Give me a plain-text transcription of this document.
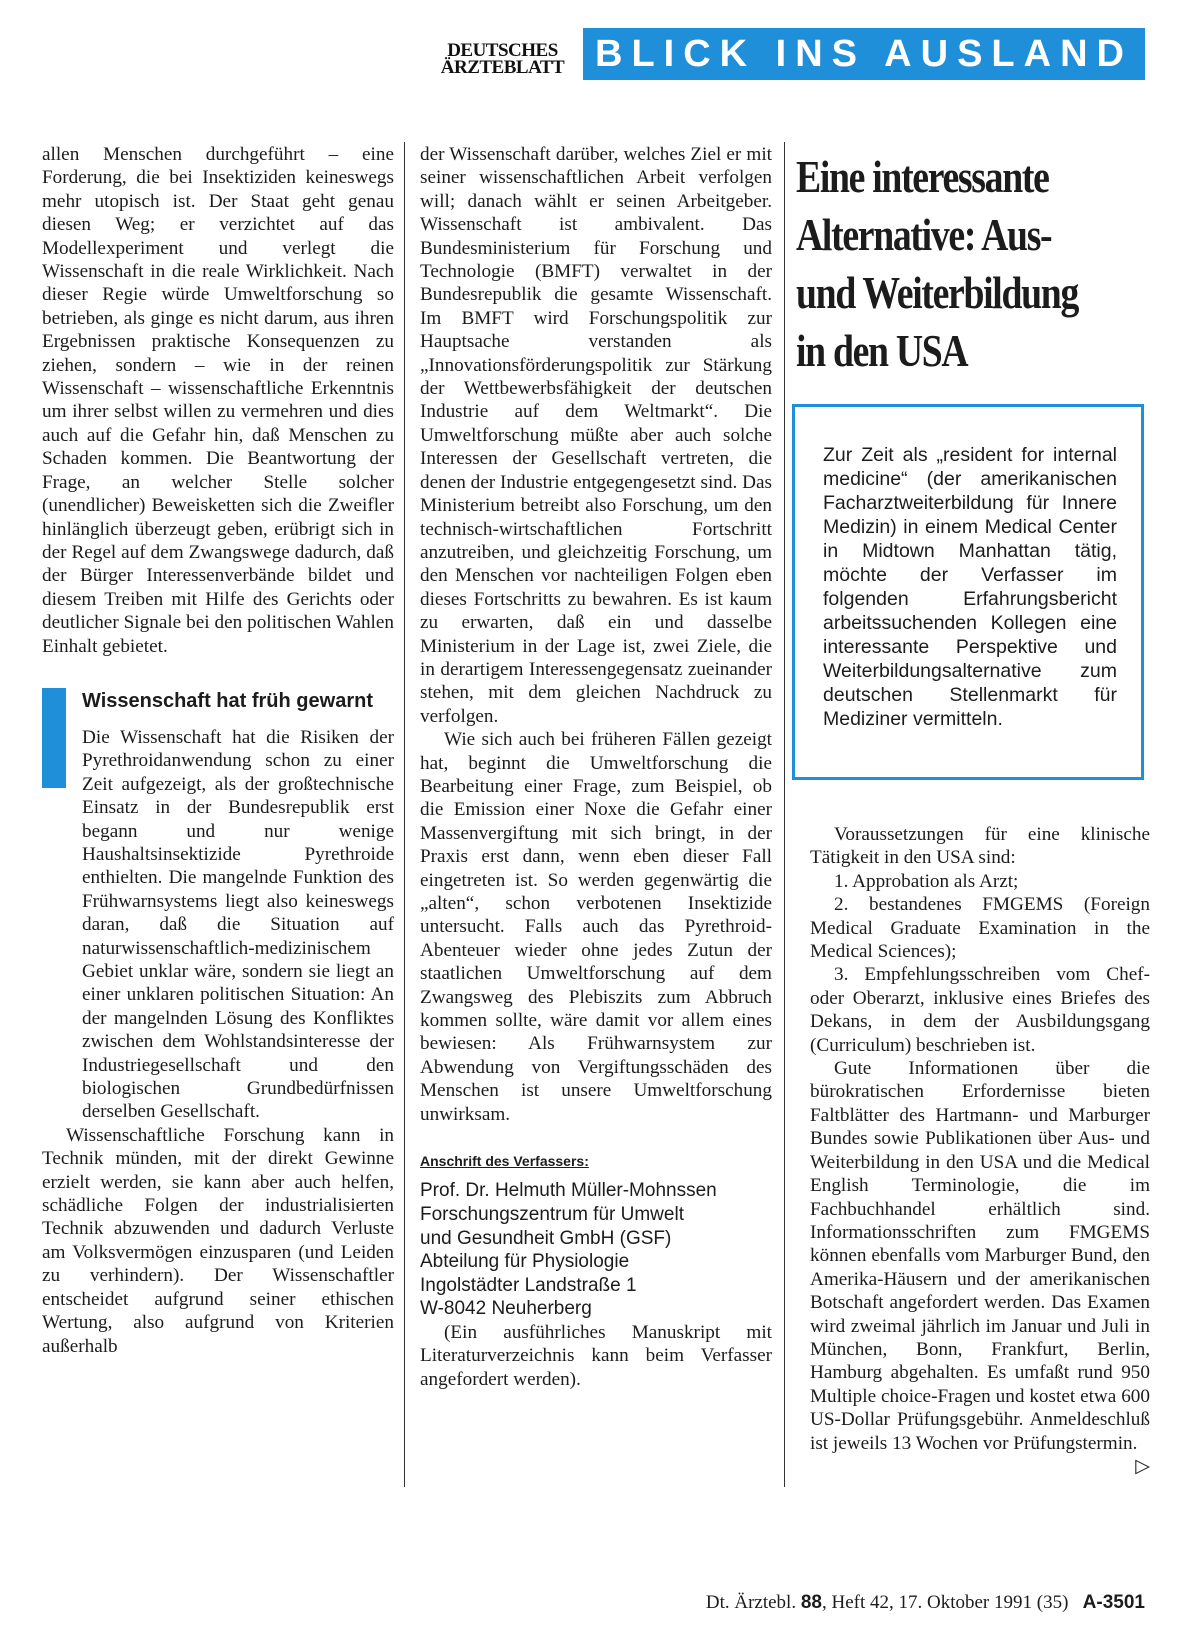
DEUTSCHES
ÄRZTEBLATT BLICK INS AUSLAND

allen Menschen durchgeführt – eine Forderung, die bei Insektiziden keineswegs mehr utopisch ist. Der Staat geht genau diesen Weg; er verzichtet auf das Modellexperiment und verlegt die Wissenschaft in die reale Wirklichkeit. Nach dieser Regie würde Umweltforschung so betrieben, als ginge es nicht darum, aus ihren Ergebnissen praktische Konsequenzen zu ziehen, sondern – wie in der reinen Wissenschaft – wissenschaftliche Erkenntnis um ihrer selbst willen zu vermehren und dies auch auf die Gefahr hin, daß Menschen zu Schaden kommen. Die Beantwortung der Frage, an welcher Stelle solcher (unendlicher) Beweisketten sich die Zweifler hinlänglich überzeugt geben, erübrigt sich in der Regel auf dem Zwangswege dadurch, daß der Bürger Interessenverbände bildet und diesem Treiben mit Hilfe des Gerichts oder deutlicher Signale bei den politischen Wahlen Einhalt gebietet.

Wissenschaft hat früh gewarnt

Die Wissenschaft hat die Risiken der Pyrethroidanwendung schon zu einer Zeit aufgezeigt, als der großtechnische Einsatz in der Bundesrepublik erst begann und nur wenige Haushaltsinsektizide Pyrethroide enthielten. Die mangelnde Funktion des Frühwarnsystems liegt also keineswegs daran, daß die Situation auf naturwissenschaftlich-medizinischem Gebiet unklar wäre, sondern sie liegt an einer unklaren politischen Situation: An der mangelnden Lösung des Konfliktes zwischen dem Wohlstandsinteresse der Industriegesellschaft und den biologischen Grundbedürfnissen derselben Gesellschaft.

Wissenschaftliche Forschung kann in Technik münden, mit der direkt Gewinne erzielt werden, sie kann aber auch helfen, schädliche Folgen der industrialisierten Technik abzuwenden und dadurch Verluste am Volksvermögen einzusparen (und Leiden zu verhindern). Der Wissenschaftler entscheidet aufgrund seiner ethischen Wertung, also aufgrund von Kriterien außerhalb

der Wissenschaft darüber, welches Ziel er mit seiner wissenschaftlichen Arbeit verfolgen will; danach wählt er seinen Arbeitgeber. Wissenschaft ist ambivalent. Das Bundesministerium für Forschung und Technologie (BMFT) verwaltet in der Bundesrepublik die gesamte Wissenschaft. Im BMFT wird Forschungspolitik zur Hauptsache verstanden als „Innovationsförderungspolitik zur Stärkung der Wettbewerbsfähigkeit der deutschen Industrie auf dem Weltmarkt“. Die Umweltforschung müßte aber auch solche Interessen der Gesellschaft vertreten, die denen der Industrie entgegengesetzt sind. Das Ministerium betreibt also Forschung, um den technisch-wirtschaftlichen Fortschritt anzutreiben, und gleichzeitig Forschung, um den Menschen vor nachteiligen Folgen eben dieses Fortschritts zu bewahren. Es ist kaum zu erwarten, daß ein und dasselbe Ministerium in der Lage ist, zwei Ziele, die in derartigem Interessengegensatz zueinander stehen, mit dem gleichen Nachdruck zu verfolgen.

Wie sich auch bei früheren Fällen gezeigt hat, beginnt die Umweltforschung die Bearbeitung einer Frage, zum Beispiel, ob die Emission einer Noxe die Gefahr einer Massenvergiftung mit sich bringt, in der Praxis erst dann, wenn eben dieser Fall eingetreten ist. So werden gegenwärtig die „alten“, schon verbotenen Insektizide untersucht. Falls auch das Pyrethroid-Abenteuer wieder ohne jedes Zutun der staatlichen Umweltforschung auf dem Zwangsweg des Plebiszits zum Abbruch kommen sollte, wäre damit vor allem eines bewiesen: Als Frühwarnsystem zur Abwendung von Vergiftungsschäden des Menschen ist unsere Umweltforschung unwirksam.

Anschrift des Verfassers:
Prof. Dr. Helmuth Müller-Mohnssen
Forschungszentrum für Umwelt
und Gesundheit GmbH (GSF)
Abteilung für Physiologie
Ingolstädter Landstraße 1
W-8042 Neuherberg

(Ein ausführliches Manuskript mit Literaturverzeichnis kann beim Verfasser angefordert werden).

Eine interessante
Alternative: Aus-
und Weiterbildung
in den USA
Zur Zeit als „resident for internal medicine“ (der amerikanischen Facharztweiterbildung für Innere Medizin) in einem Medical Center in Midtown Manhattan tätig, möchte der Verfasser im folgenden Erfahrungsbericht arbeitssuchenden Kollegen eine interessante Perspektive und Weiterbildungsalternative zum deutschen Stellenmarkt für Mediziner vermitteln.

Voraussetzungen für eine klinische Tätigkeit in den USA sind:

1. Approbation als Arzt;

2. bestandenes FMGEMS (Foreign Medical Graduate Examination in the Medical Sciences);

3. Empfehlungsschreiben vom Chef- oder Oberarzt, inklusive eines Briefes des Dekans, in dem der Ausbildungsgang (Curriculum) beschrieben ist.

Gute Informationen über die bürokratischen Erfordernisse bieten Faltblätter des Hartmann- und Marburger Bundes sowie Publikationen über Aus- und Weiterbildung in den USA und die Medical English Terminologie, die im Fachbuchhandel erhältlich sind. Informationsschriften zum FMGEMS können ebenfalls vom Marburger Bund, den Amerika-Häusern und der amerikanischen Botschaft angefordert werden. Das Examen wird zweimal jährlich im Januar und Juli in München, Bonn, Frankfurt, Berlin, Hamburg abgehalten. Es umfaßt rund 950 Multiple choice-Fragen und kostet etwa 600 US-Dollar Prüfungsgebühr. Anmeldeschluß ist jeweils 13 Wochen vor Prüfungstermin.
▷

Dt. Ärztebl. 88, Heft 42, 17. Oktober 1991 (35) A-3501
